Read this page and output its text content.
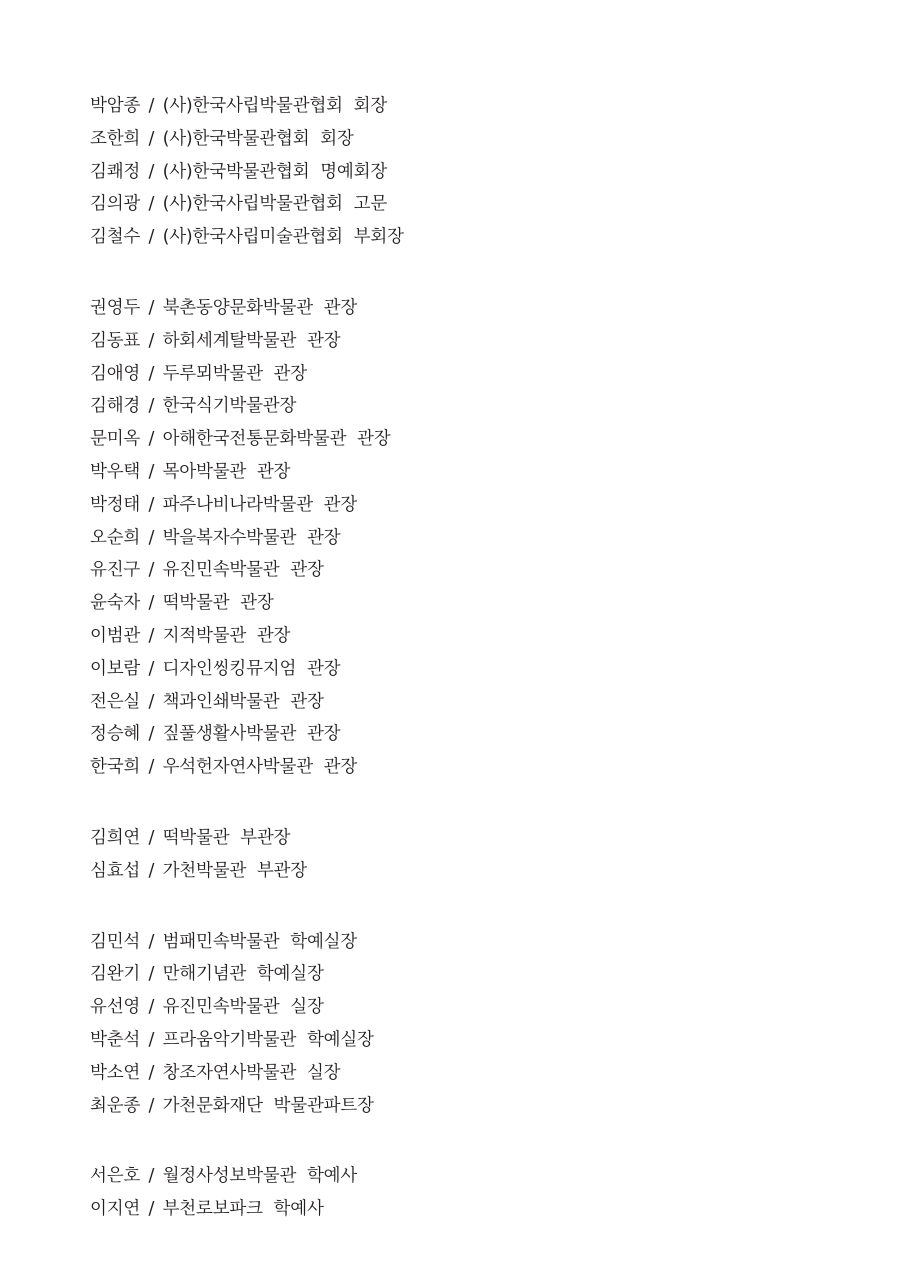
박암종 / (사)한국사립박물관협회  회장
조한희 / (사)한국박물관협회  회장
김쾌정 / (사)한국박물관협회  명예회장
김의광 / (사)한국사립박물관협회  고문
김철수 / (사)한국사립미술관협회  부회장
권영두 / 북촌동양문화박물관  관장
김동표 / 하회세계탈박물관  관장
김애영 / 두루뫼박물관  관장
김해경 / 한국식기박물관장
문미옥 / 아해한국전통문화박물관  관장
박우택 / 목아박물관  관장
박정태 / 파주나비나라박물관  관장
오순희 / 박을복자수박물관  관장
유진구 / 유진민속박물관  관장
윤숙자 / 떡박물관  관장
이범관 / 지적박물관  관장
이보람 / 디자인씽킹뮤지엄  관장
전은실 / 책과인쇄박물관  관장
정승혜 / 짚풀생활사박물관  관장
한국희 / 우석헌자연사박물관  관장
김희연 / 떡박물관  부관장
심효섭 / 가천박물관  부관장
김민석 / 범패민속박물관  학예실장
김완기 / 만해기념관  학예실장
유선영 / 유진민속박물관  실장
박춘석 / 프라움악기박물관  학예실장
박소연 / 창조자연사박물관  실장
최운종 / 가천문화재단  박물관파트장
서은호 / 월정사성보박물관  학예사
이지연 / 부천로보파크  학예사
